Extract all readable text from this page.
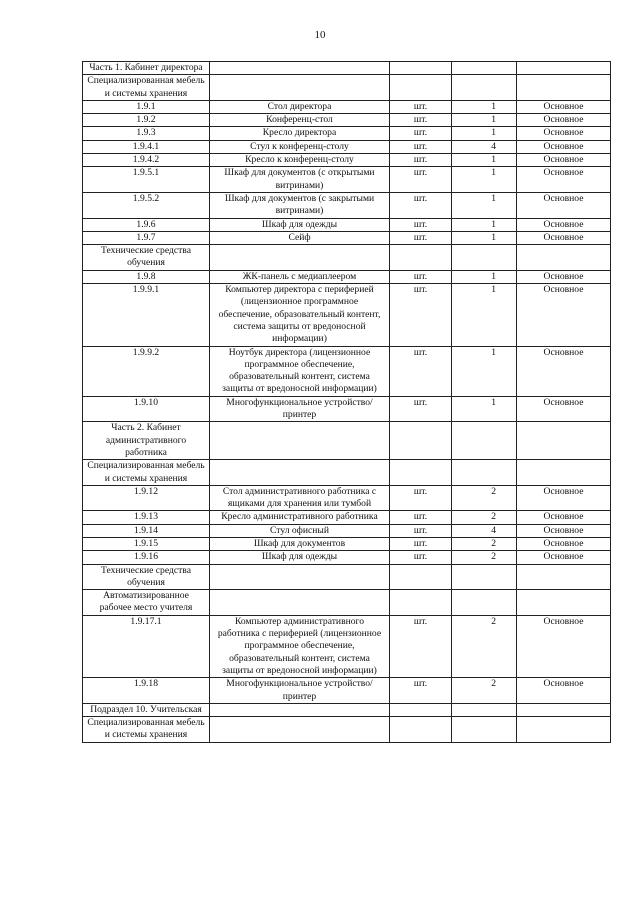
10
Часть 1. Кабинет директора				
Специализированная мебель и системы хранения				
1.9.1	Стол директора	шт.	1	Основное
1.9.2	Конференц-стол	шт.	1	Основное
1.9.3	Кресло директора	шт.	1	Основное
1.9.4.1	Стул к конференц-столу	шт.	4	Основное
1.9.4.2	Кресло к конференц-столу	шт.	1	Основное
1.9.5.1	Шкаф для документов (с открытыми витринами)	шт.	1	Основное
1.9.5.2	Шкаф для документов (с закрытыми витринами)	шт.	1	Основное
1.9.6	Шкаф для одежды	шт.	1	Основное
1.9.7	Сейф	шт.	1	Основное
Технические средства обучения				
1.9.8	ЖК-панель с медиаплеером	шт.	1	Основное
1.9.9.1	Компьютер директора с периферией (лицензионное программное обеспечение, образовательный контент, система защиты от вредоносной информации)	шт.	1	Основное
1.9.9.2	Ноутбук директора (лицензионное программное обеспечение, образовательный контент, система защиты от вредоносной информации)	шт.	1	Основное
1.9.10	Многофункциональное устройство/принтер	шт.	1	Основное
Часть 2. Кабинет административного работника				
Специализированная мебель и системы хранения				
1.9.12	Стол административного работника с ящиками для хранения или тумбой	шт.	2	Основное
1.9.13	Кресло административного работника	шт.	2	Основное
1.9.14	Стул офисный	шт.	4	Основное
1.9.15	Шкаф для документов	шт.	2	Основное
1.9.16	Шкаф для одежды	шт.	2	Основное
Технические средства обучения				
Автоматизированное рабочее место учителя				
1.9.17.1	Компьютер административного работника с периферией (лицензионное программное обеспечение, образовательный контент, система защиты от вредоносной информации)	шт.	2	Основное
1.9.18	Многофункциональное устройство/принтер	шт.	2	Основное
Подраздел 10. Учительская				
Специализированная мебель и системы хранения				
